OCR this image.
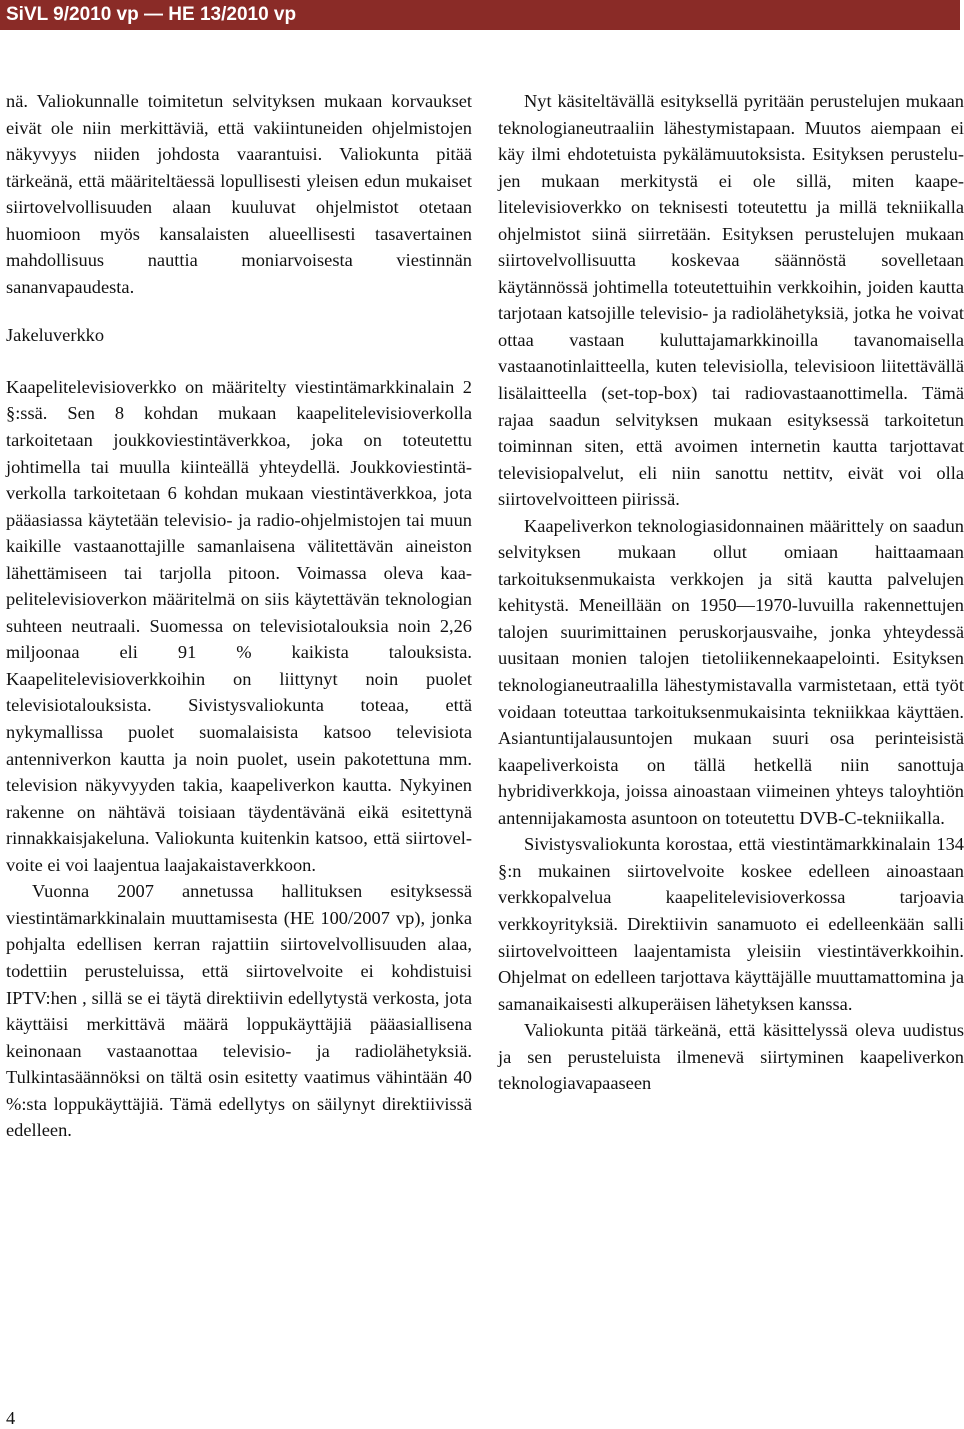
SiVL 9/2010 vp — HE 13/2010 vp

nä. Valiokunnalle toimitetun selvityksen mukaan korvaukset eivät ole niin merkittäviä, että vakiintuneiden ohjelmistojen näkyvyys niiden johdosta vaarantuisi. Valiokunta pitää tärkeänä, että määriteltäessä lopullisesti yleisen edun mukaiset siirtovelvollisuuden alaan kuuluvat ohjelmistot otetaan huomioon myös kansalaisten alueellisesti tasavertainen mahdollisuus nauttia moniarvoisesta viestinnän sananvapaudesta.

Jakeluverkko

Kaapelitelevisioverkko on määritelty viestintämarkkinalain 2 §:ssä. Sen 8 kohdan mukaan kaapelitelevisioverkolla tarkoitetaan joukkoviestintäverkkoa, joka on toteutettu johtimella tai muulla kiinteällä yhteydellä. Joukkoviestintäverkolla tarkoitetaan 6 kohdan mukaan viestintäverkkoa, jota pääasiassa käytetään televisio- ja radio-ohjelmistojen tai muun kaikille vastaanottajille samanlaisena välitettävän aineiston lähettämiseen tai tarjolla pitoon. Voimassa oleva kaapelitelevisioverkon määritelmä on siis käytettävän teknologian suhteen neutraali. Suomessa on televisiotalouksia noin 2,26 miljoonaa eli 91 % kaikista talouksista. Kaapelitelevisioverkkoihin on liittynyt noin puolet televisiotalouksista. Sivistysvaliokunta toteaa, että nykymallissa puolet suomalaisista katsoo televisiota antenniverkon kautta ja noin puolet, usein pakotettuna mm. television näkyvyyden takia, kaapeliverkon kautta. Nykyinen rakenne on nähtävä toisiaan täydentävänä eikä esitettynä rinnakkaisjakeluna. Valiokunta kuitenkin katsoo, että siirtovelvoite ei voi laajentua laajakaistaverkkoon.

Vuonna 2007 annetussa hallituksen esityksessä viestintämarkkinalain muuttamisesta (HE 100/2007 vp), jonka pohjalta edellisen kerran rajattiin siirtovelvollisuuden alaa, todettiin perusteluissa, että siirtovelvoite ei kohdistuisi IPTV:hen , sillä se ei täytä direktiivin edellytystä verkosta, jota käyttäisi merkittävä määrä loppukäyttäjiä pääasiallisena keinonaan vastaanottaa televisio- ja radiolähetyksiä. Tulkintasäännöksi on tältä osin esitetty vaatimus vähintään 40 %:sta loppukäyttäjiä. Tämä edellytys on säilynyt direktiivissä edelleen.

Nyt käsiteltävällä esityksellä pyritään perustelujen mukaan teknologianeutraaliin lähestymistapaan. Muutos aiempaan ei käy ilmi ehdotetuista pykälämuutoksista. Esityksen perustelujen mukaan merkitystä ei ole sillä, miten kaapelitelevisioverkko on teknisesti toteutettu ja millä tekniikalla ohjelmistot siinä siirretään. Esityksen perustelujen mukaan siirtovelvollisuutta koskevaa säännöstä sovelletaan käytännössä johtimella toteutettuihin verkkoihin, joiden kautta tarjotaan katsojille televisio- ja radiolähetyksiä, jotka he voivat ottaa vastaan kuluttajamarkkinoilla tavanomaisella vastaanotinlaitteella, kuten televisiolla, televisioon liitettävällä lisälaitteella (set-top-box) tai radiovastaanottimella. Tämä rajaa saadun selvityksen mukaan esityksessä tarkoitetun toiminnan siten, että avoimen internetin kautta tarjottavat televisiopalvelut, eli niin sanottu nettitv, eivät voi olla siirtovelvoitteen piirissä.

Kaapeliverkon teknologiasidonnainen määrittely on saadun selvityksen mukaan ollut omiaan haittaamaan tarkoituksenmukaista verkkojen ja sitä kautta palvelujen kehitystä. Meneillään on 1950—1970-luvuilla rakennettujen talojen suurimittainen peruskorjausvaihe, jonka yhteydessä uusitaan monien talojen tietoliikennekaapelointi. Esityksen teknologianeutraalilla lähestymistavalla varmistetaan, että työt voidaan toteuttaa tarkoituksenmukaisinta tekniikkaa käyttäen. Asiantuntijalausuntojen mukaan suuri osa perinteisistä kaapeliverkoista on tällä hetkellä niin sanottuja hybridiverkkoja, joissa ainoastaan viimeinen yhteys taloyhtiön antennijakamosta asuntoon on toteutettu DVB-C-tekniikalla.

Sivistysvaliokunta korostaa, että viestintämarkkinalain 134 §:n mukainen siirtovelvoite koskee edelleen ainoastaan verkkopalvelua kaapelitelevisioverkossa tarjoavia verkkoyrityksiä. Direktiivin sanamuoto ei edelleenkään salli siirtovelvoitteen laajentamista yleisiin viestintäverkkoihin. Ohjelmat on edelleen tarjottava käyttäjälle muuttamattomina ja samanaikaisesti alkuperäisen lähetyksen kanssa.

Valiokunta pitää tärkeänä, että käsittelyssä oleva uudistus ja sen perusteluista ilmenevä siirtyminen kaapeliverkon teknologiavapaaseen

4
